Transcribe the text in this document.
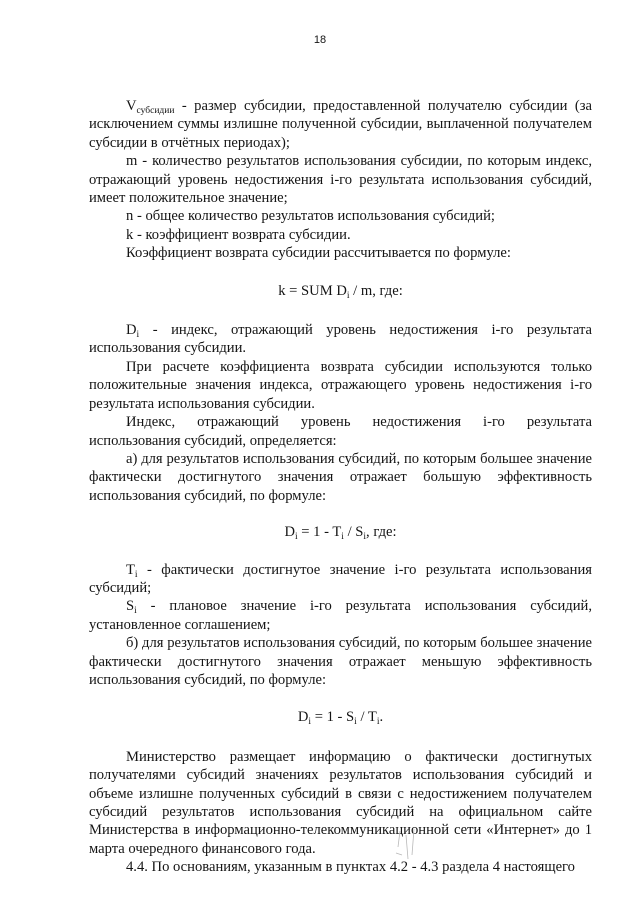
18

$V_{субсидии}$ - размер субсидии, предоставленной получателю субсидии (за исключением суммы излишне полученной субсидии, выплаченной получателем субсидии в отчётных периодах);

m - количество результатов использования субсидии, по которым индекс, отражающий уровень недостижения i-го результата использования субсидий, имеет положительное значение;

n - общее количество результатов использования субсидий;

k - коэффициент возврата субсидии.

Коэффициент возврата субсидии рассчитывается по формуле:

k = SUM $D_i$ / m, где:

$D_i$ - индекс, отражающий уровень недостижения i-го результата использования субсидии.

При расчете коэффициента возврата субсидии используются только положительные значения индекса, отражающего уровень недостижения i-го результата использования субсидии.

Индекс, отражающий уровень недостижения i-го результата использования субсидий, определяется:

а) для результатов использования субсидий, по которым большее значение фактически достигнутого значения отражает большую эффективность использования субсидий, по формуле:

$D_i = 1 - T_i / S_i$, где:

$T_i$ - фактически достигнутое значение i-го результата использования субсидий;

$S_i$ - плановое значение i-го результата использования субсидий, установленное соглашением;

б) для результатов использования субсидий, по которым большее значение фактически достигнутого значения отражает меньшую эффективность использования субсидий, по формуле:

$D_i = 1 - S_i / T_i$.

Министерство размещает информацию о фактически достигнутых получателями субсидий значениях результатов использования субсидий и объеме излишне полученных субсидий в связи с недостижением получателем субсидий результатов использования субсидий на официальном сайте Министерства в информационно-телекоммуникационной сети «Интернет» до 1 марта очередного финансового года.

4.4. По основаниям, указанным в пунктах 4.2 - 4.3 раздела 4 настоящего
